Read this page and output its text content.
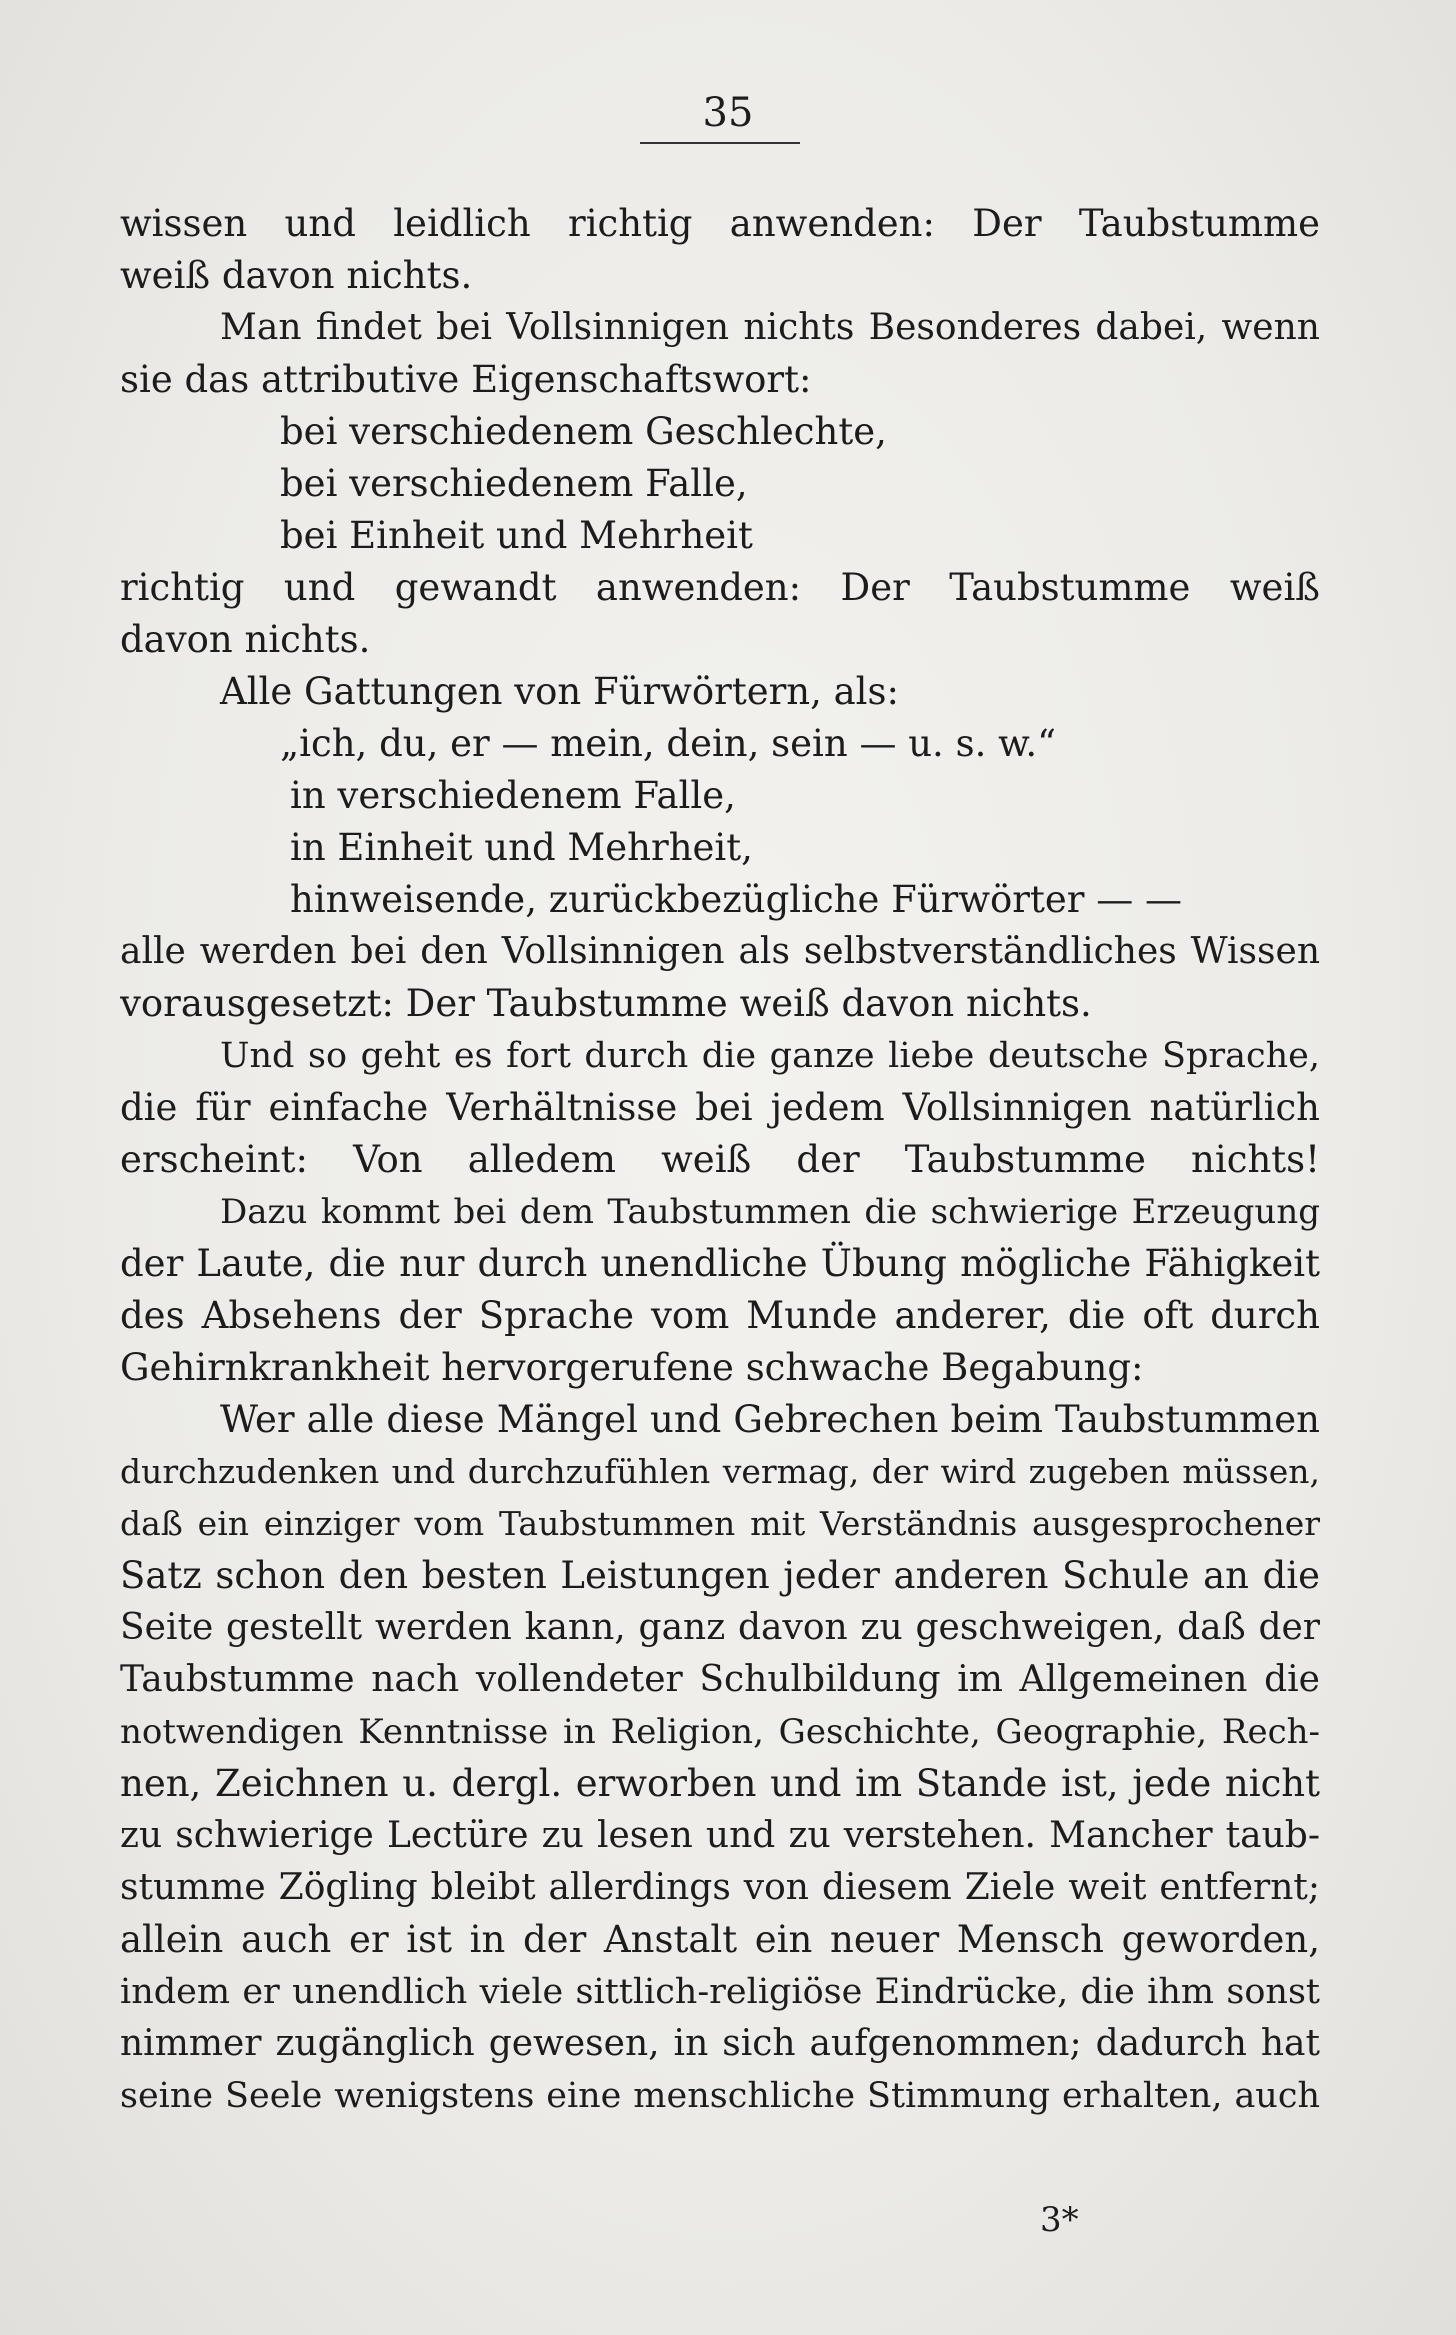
35
wissen und leidlich richtig anwenden: Der Taubstumme
weiß davon nichts.
Man findet bei Vollsinnigen nichts Besonderes dabei, wenn
sie das attributive Eigenschaftswort:
bei verschiedenem Geschlechte,
bei verschiedenem Falle,
bei Einheit und Mehrheit
richtig und gewandt anwenden: Der Taubstumme weiß
davon nichts.
Alle Gattungen von Fürwörtern, als:
„ich, du, er — mein, dein, sein — u. s. w.“
in verschiedenem Falle,
in Einheit und Mehrheit,
hinweisende, zurückbezügliche Fürwörter — —
alle werden bei den Vollsinnigen als selbstverständliches Wissen
vorausgesetzt: Der Taubstumme weiß davon nichts.
Und so geht es fort durch die ganze liebe deutsche Sprache,
die für einfache Verhältnisse bei jedem Vollsinnigen natürlich
erscheint: Von alledem weiß der Taubstumme nichts!
Dazu kommt bei dem Taubstummen die schwierige Erzeugung
der Laute, die nur durch unendliche Übung mögliche Fähigkeit
des Absehens der Sprache vom Munde anderer, die oft durch
Gehirnkrankheit hervorgerufene schwache Begabung:
Wer alle diese Mängel und Gebrechen beim Taubstummen
durchzudenken und durchzufühlen vermag, der wird zugeben müssen,
daß ein einziger vom Taubstummen mit Verständnis ausgesprochener
Satz schon den besten Leistungen jeder anderen Schule an die
Seite gestellt werden kann, ganz davon zu geschweigen, daß der
Taubstumme nach vollendeter Schulbildung im Allgemeinen die
notwendigen Kenntnisse in Religion, Geschichte, Geographie, Rech-
nen, Zeichnen u. dergl. erworben und im Stande ist, jede nicht
zu schwierige Lectüre zu lesen und zu verstehen. Mancher taub-
stumme Zögling bleibt allerdings von diesem Ziele weit entfernt;
allein auch er ist in der Anstalt ein neuer Mensch geworden,
indem er unendlich viele sittlich-religiöse Eindrücke, die ihm sonst
nimmer zugänglich gewesen, in sich aufgenommen; dadurch hat
seine Seele wenigstens eine menschliche Stimmung erhalten, auch
3*
